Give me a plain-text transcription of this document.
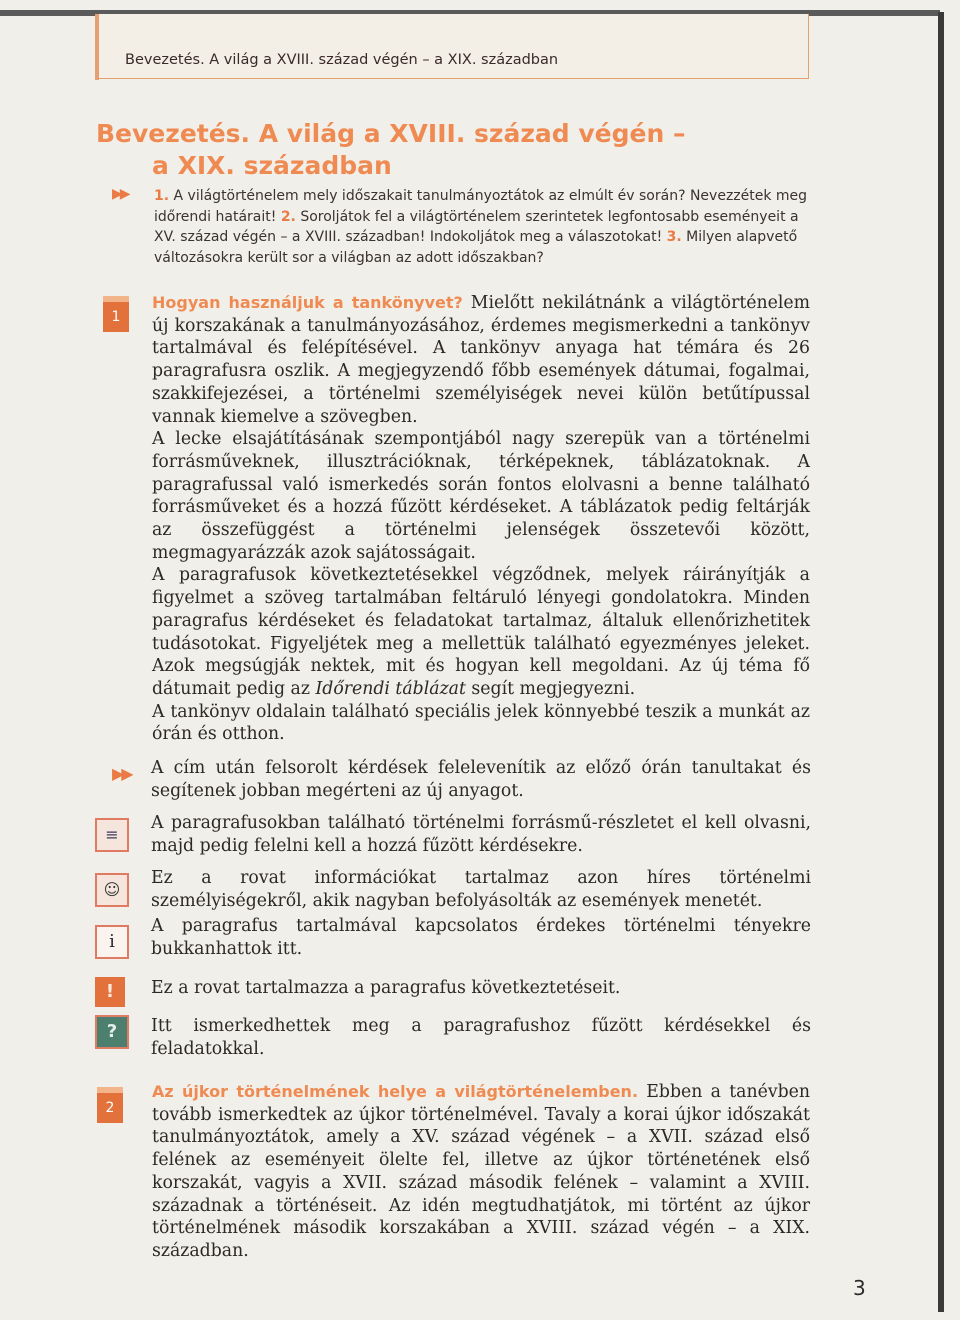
Bevezetés. A világ a XVIII. század végén – a XIX. században
Bevezetés. A világ a XVIII. század végén –
a XIX. században
▶▶ 1. A világtörténelem mely időszakait tanulmányoztátok az elmúlt év során? Nevezzétek meg időrendi határait! 2. Soroljátok fel a világtörténelem szerintetek legfontosabb eseményeit a XV. század végén – a XVIII. században! Indokoljátok meg a válaszotokat! 3. Milyen alapvető változásokra került sor a világban az adott időszakban?
1
Hogyan használjuk a tankönyvet? Mielőtt nekilátnánk a világtörténelem új korszakának a tanulmányozásához, érdemes megismerkedni a tankönyv tartalmával és felépítésével. A tankönyv anyaga hat témára és 26 paragrafusra oszlik. A megjegyzendő főbb események dátumai, fogalmai, szakkifejezései, a történelmi személyiségek nevei külön betűtípussal vannak kiemelve a szövegben.
A lecke elsajátításának szempontjából nagy szerepük van a történelmi forrásműveknek, illusztrációknak, térképeknek, táblázatoknak. A paragrafussal való ismerkedés során fontos elolvasni a benne található forrásműveket és a hozzá fűzött kérdéseket. A táblázatok pedig feltárják az összefüggést a történelmi jelenségek összetevői között, megmagyarázzák azok sajátosságait.
A paragrafusok következtetésekkel végződnek, melyek ráirányítják a figyelmet a szöveg tartalmában feltáruló lényegi gondolatokra. Minden paragrafus kérdéseket és feladatokat tartalmaz, általuk ellenőrizhetitek tudásotokat. Figyeljétek meg a mellettük található egyezményes jeleket. Azok megsúgják nektek, mit és hogyan kell megoldani. Az új téma fő dátumait pedig az Időrendi táblázat segít megjegyezni.
A tankönyv oldalain található speciális jelek könnyebbé teszik a munkát az órán és otthon.
▶▶ A cím után felsorolt kérdések felelevenítik az előző órán tanultakat és segítenek jobban megérteni az új anyagot.
≡
A paragrafusokban található történelmi forrásmű-részletet el kell olvasni, majd pedig felelni kell a hozzá fűzött kérdésekre.
☺
Ez a rovat információkat tartalmaz azon híres történelmi személyiségekről, akik nagyban befolyásolták az események menetét.
i
A paragrafus tartalmával kapcsolatos érdekes történelmi tényekre bukkanhattok itt.
!	Ez a rovat tartalmazza a paragrafus következtetéseit.
?	Itt ismerkedhettek meg a paragrafushoz fűzött kérdésekkel és feladatokkal.
2
Az újkor történelmének helye a világtörténelemben. Ebben a tanévben tovább ismerkedtek az újkor történelmével. Tavaly a korai újkor időszakát tanulmányoztátok, amely a XV. század végének – a XVII. század első felének az eseményeit ölelte fel, illetve az újkor történetének első korszakát, vagyis a XVII. század második felének – valamint a XVIII. századnak a történéseit. Az idén megtudhatjátok, mi történt az újkor történelmének második korszakában a XVIII. század végén – a XIX. században.
3
